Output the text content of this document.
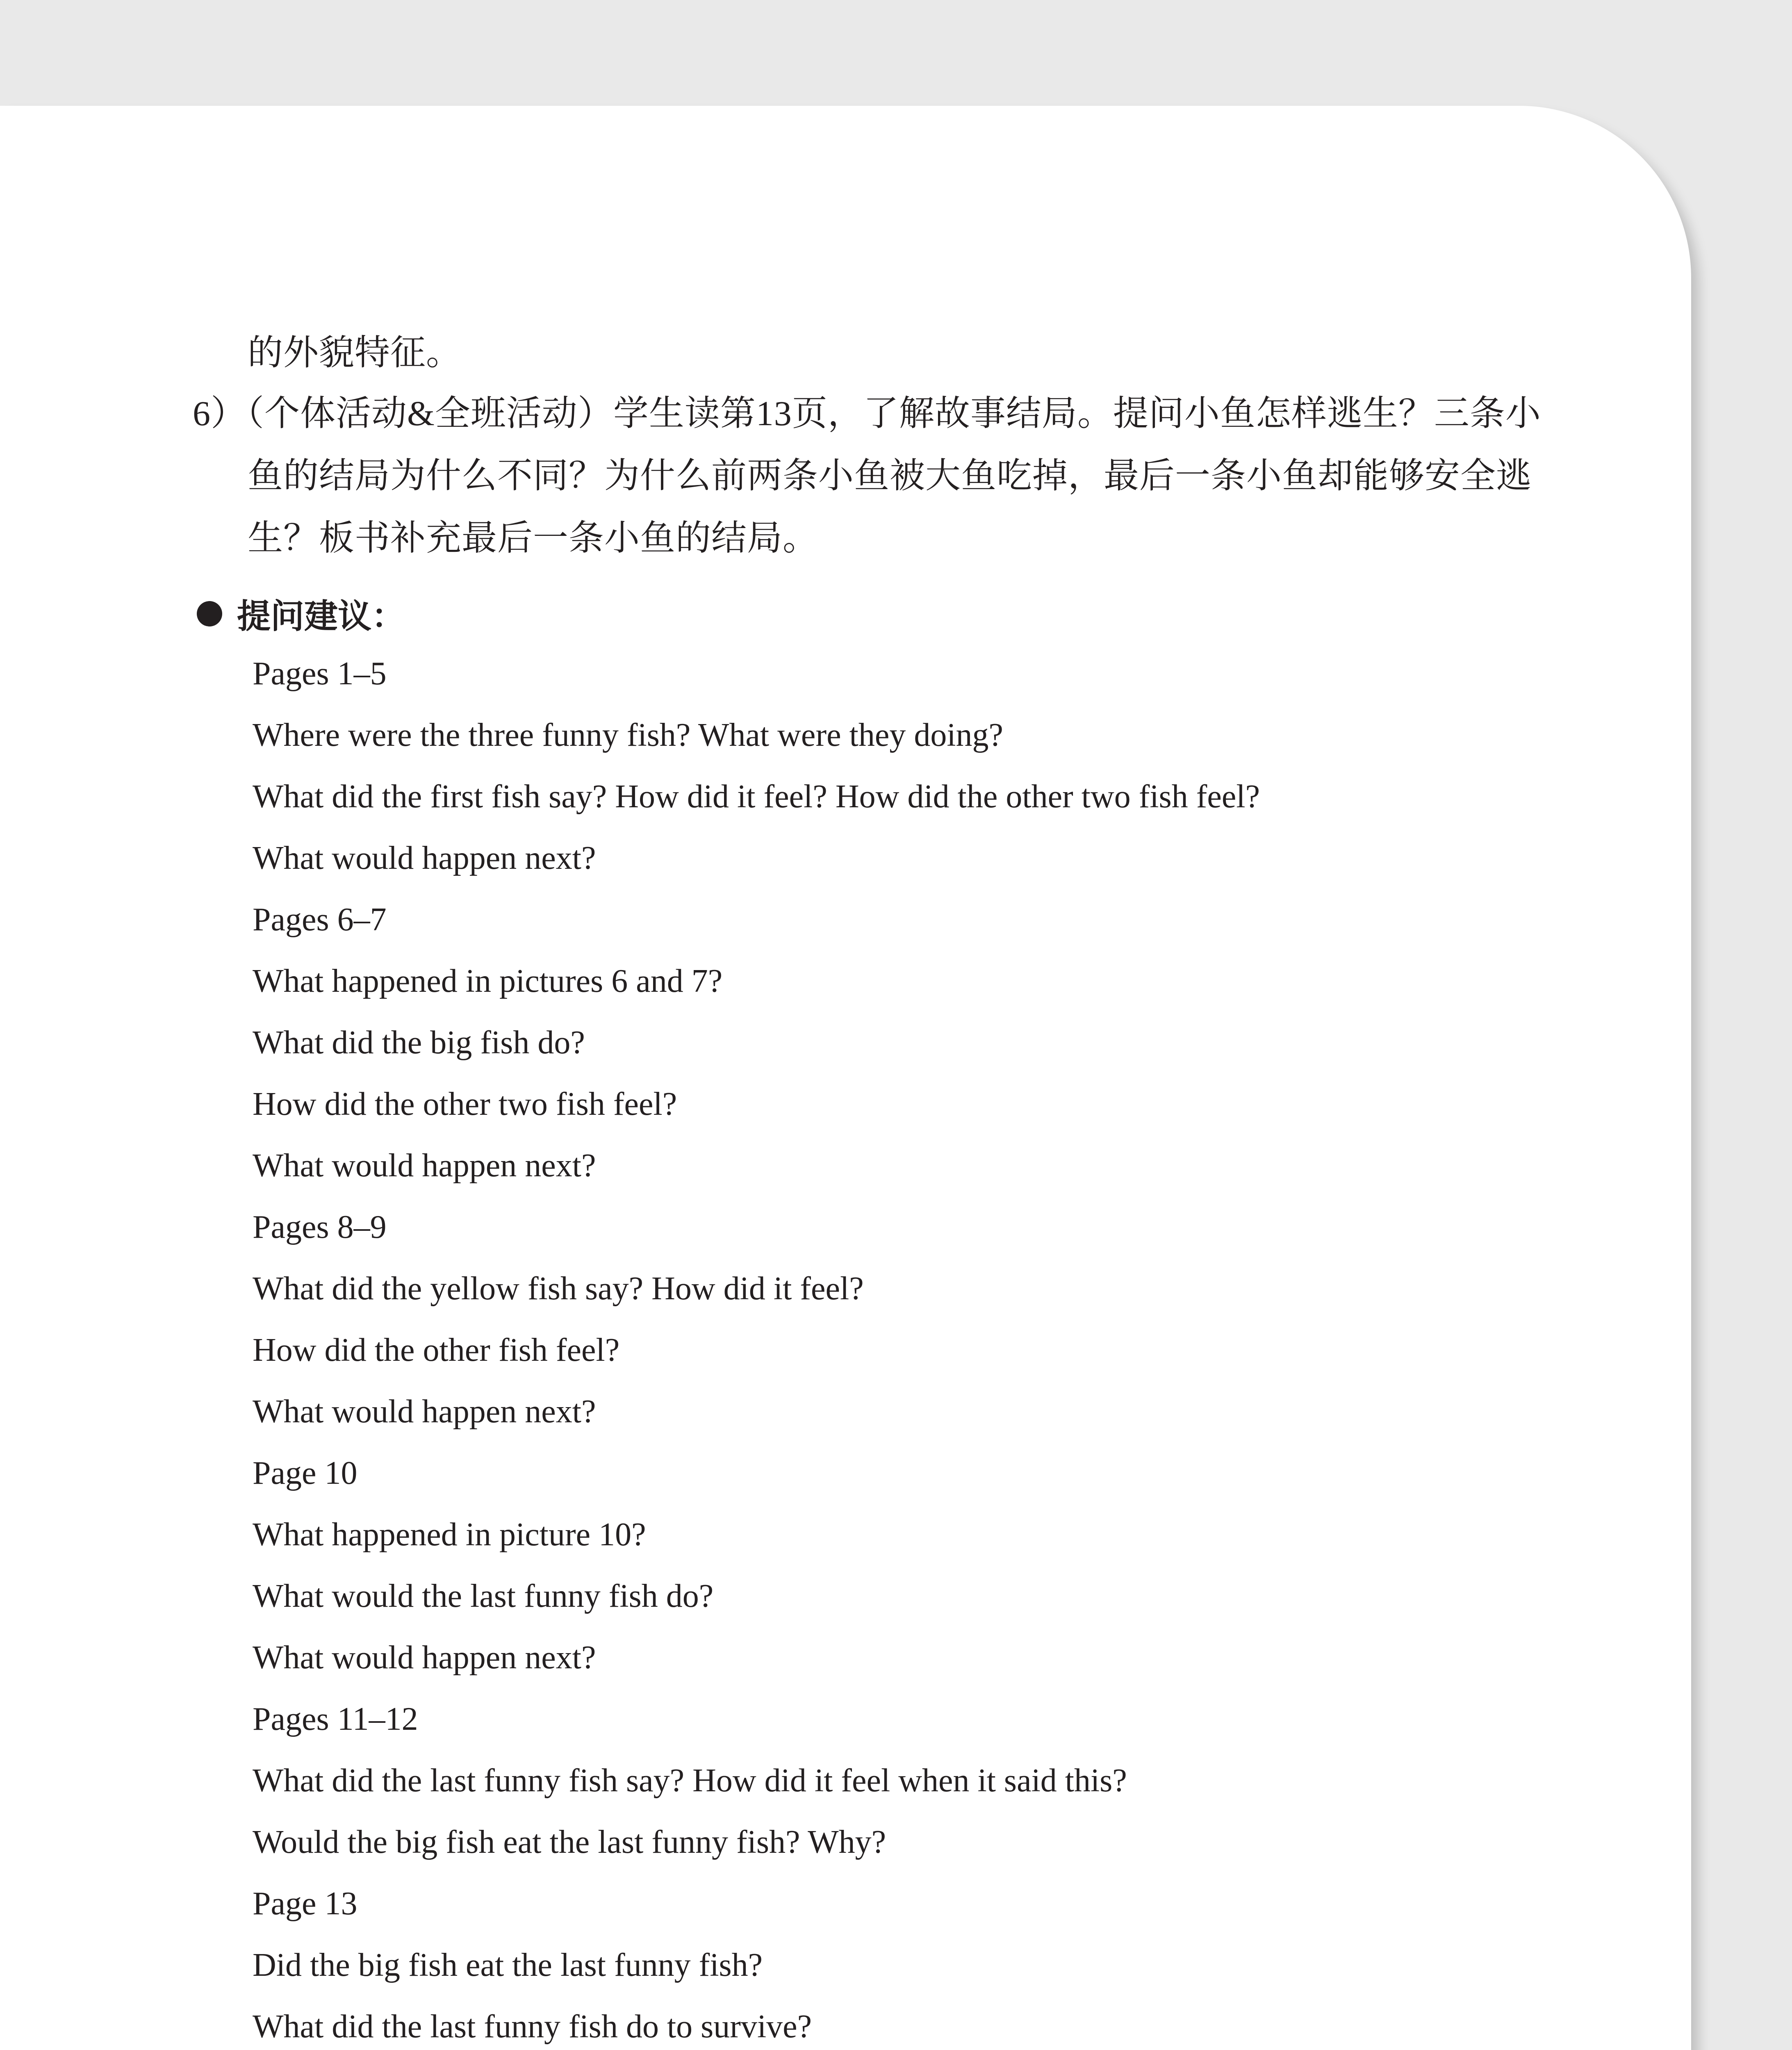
的外貌特征。
6）（个体活动&全班活动）学生读第13页，了解故事结局。提问小鱼怎样逃生？三条小
鱼的结局为什么不同？为什么前两条小鱼被大鱼吃掉，最后一条小鱼却能够安全逃
生？板书补充最后一条小鱼的结局。
提问建议：
Pages 1–5
Where were the three funny fish? What were they doing?
What did the first fish say? How did it feel? How did the other two fish feel?
What would happen next?
Pages 6–7
What happened in pictures 6 and 7?
What did the big fish do?
How did the other two fish feel?
What would happen next?
Pages 8–9
What did the yellow fish say? How did it feel?
How did the other fish feel?
What would happen next?
Page 10
What happened in picture 10?
What would the last funny fish do?
What would happen next?
Pages 11–12
What did the last funny fish say? How did it feel when it said this?
Would the big fish eat the last funny fish? Why?
Page 13
Did the big fish eat the last funny fish?
What did the last funny fish do to survive?
